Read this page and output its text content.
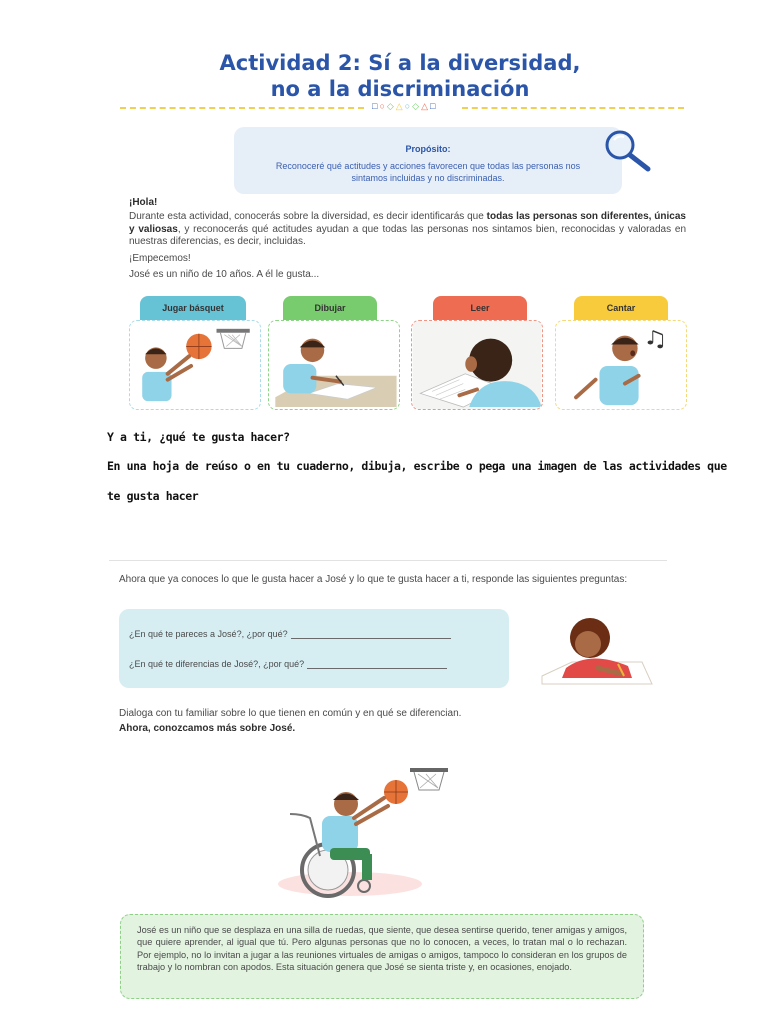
Actividad 2: Sí a la diversidad,
no a la discriminación
□○◇△○◇△□
Propósito:
Reconoceré qué actitudes y acciones favorecen que todas las personas nos sintamos incluidas y no discriminadas.
¡Hola!
Durante esta actividad, conocerás sobre la diversidad, es decir identificarás que todas las personas son diferentes, únicas y valiosas, y reconocerás qué actitudes ayudan a que todas las personas nos sintamos bien, reconocidas y valoradas en nuestras diferencias, es decir, incluidas.
¡Empecemos!
José es un niño de 10 años. A él le gusta...
Jugar básquet	Dibujar	Leer	Cantar
Y a ti, ¿qué te gusta hacer?
En una hoja de reúso o en tu cuaderno, dibuja, escribe o pega una imagen de las actividades que
te gusta hacer
Ahora que ya conoces lo que le gusta hacer a José y lo que te gusta hacer a ti, responde las siguientes preguntas:
¿En qué te pareces a José?, ¿por qué?
¿En qué te diferencias de José?, ¿por qué?
Dialoga con tu familiar sobre lo que tienen en común y en qué se diferencian.
Ahora, conozcamos más sobre José.
José es un niño que se desplaza en una silla de ruedas, que siente, que desea sentirse querido, tener amigas y amigos, que quiere aprender, al igual que tú. Pero algunas personas que no lo conocen, a veces, lo tratan mal o lo rechazan. Por ejemplo, no lo invitan a jugar a las reuniones virtuales de amigas o amigos, tampoco lo consideran en los grupos de trabajo y lo nombran con apodos. Esta situación genera que José se sienta triste y, en ocasiones, enojado.
